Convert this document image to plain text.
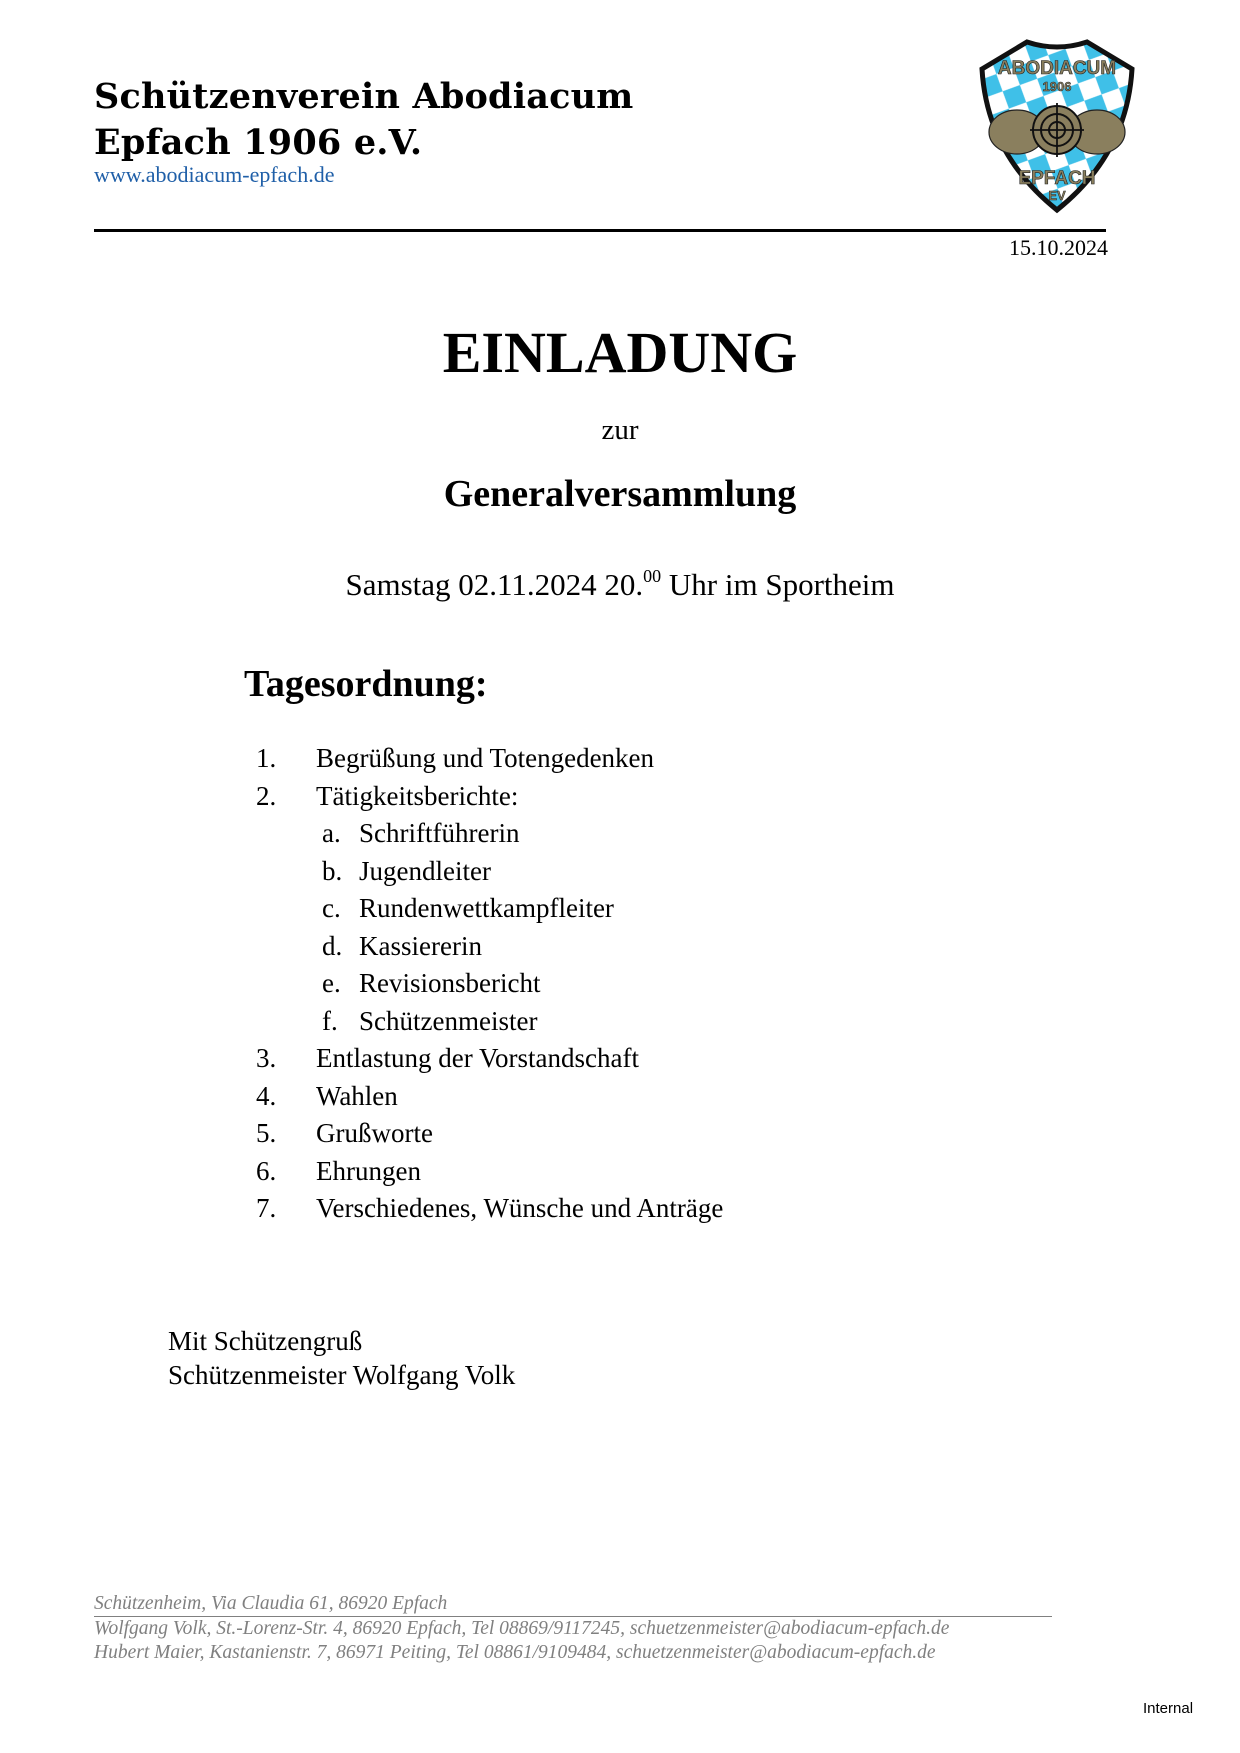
Schützenverein Abodiacum
Epfach 1906 e.V.
www.abodiacum-epfach.de
ABODIACUM
1906
EPFACH
EV
15.10.2024
EINLADUNG
zur
Generalversammlung
Samstag 02.11.2024 20.00 Uhr im Sportheim
Tagesordnung:
1.	Begrüßung und Totengedenken
2.	Tätigkeitsberichte:
a. Schriftführerin
b. Jugendleiter
c. Rundenwettkampfleiter
d. Kassiererin
e. Revisionsbericht
f. Schützenmeister
3.	Entlastung der Vorstandschaft
4.	Wahlen
5.	Grußworte
6.	Ehrungen
7.	Verschiedenes, Wünsche und Anträge
Mit Schützengruß
Schützenmeister Wolfgang Volk
Schützenheim, Via Claudia 61, 86920 Epfach
Wolfgang Volk, St.-Lorenz-Str. 4, 86920 Epfach, Tel 08869/9117245, schuetzenmeister@abodiacum-epfach.de
Hubert Maier, Kastanienstr. 7, 86971 Peiting, Tel 08861/9109484, schuetzenmeister@abodiacum-epfach.de
Internal
